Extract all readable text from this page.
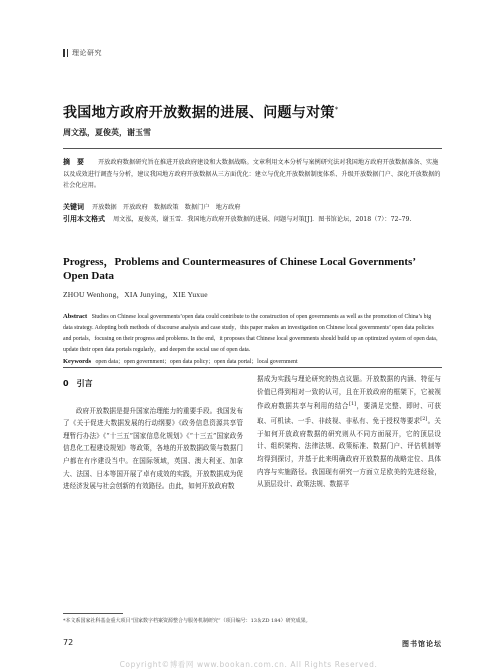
理论研究
我国地方政府开放数据的进展、问题与对策*
周文泓，夏俊英，谢玉雪
摘　要 开放政府数据研究旨在推进开放政府建设和大数据战略。文章利用文本分析与案例研究法对我国地方政府开放数据准备、实施以及成效进行调查与分析，建议我国地方政府开放数据从三方面优化：建立与优化开放数据制度体系、升级开放数据门户、深化开放数据的社会化应用。
关键词 开放数据　开放政府　数据政策　数据门户　地方政府
引用本文格式 周文泓，夏俊英，谢玉雪．我国地方政府开放数据的进展、问题与对策[J]．图书馆论坛，2018（7）：72–79.
Progress，Problems and Countermeasures of Chinese Local Governments’ Open Data
ZHOU Wenhong，XIA Junying，XIE Yuxue

Abstract Studies on Chinese local governments’open data could contribute to the construction of open governments as well as the promotion of China’s big data strategy. Adopting both methods of discourse analysis and case study，this paper makes an investigation on Chinese local governments’ open data policies and portals，focusing on their progress and problems. In the end，it proposes that Chinese local governments should build up an optimized system of open data，update their open data portals regularly，and deepen the social use of open data.

Keywords open data；open government；open data policy；open data portal；local government

0　引言

政府开放数据是提升国家治理能力的重要手段。我国发布了《关于促进大数据发展的行动纲要》《政务信息资源共享管理暂行办法》《“十三五”国家信息化规划》《“十三五”国家政务信息化工程建设规划》等政策，各地的开放数据政策与数据门户都在有序建设当中。在国际领域，英国、澳大利亚、加拿大、法国、日本等国开展了卓有成效的实践，开放数据成为促进经济发展与社会创新的有效路径。由此，如何开放政府数

据成为实践与理论研究的热点议题。开放数据的内涵、特征与价值已得到相对一致的认可，且在开放政府的框架下，它被视作政府数据共享与利用的结合[1]，要满足完整、即时、可获取、可机读、一手、非歧视、非私有、免于授权等要求[2]。关于如何开放政府数据的研究则从不同方面展开，它的顶层设计、组织架构、法律法规、政策标准、数据门户、评估机制等均得到探讨，并基于此来明确政府开放数据的战略定位、具体内容与实施路径。我国现有研究一方面立足欧美的先进经验，从顶层设计、政策法规、数据平

*本文系国家社科基金重大项目“国家数字档案资源整合与服务机制研究”（项目编号：13＆ZD 184）研究成果。
72	图书馆论坛
Copyright©博看网 www.bookan.com.cn. All Rights Reserved.
